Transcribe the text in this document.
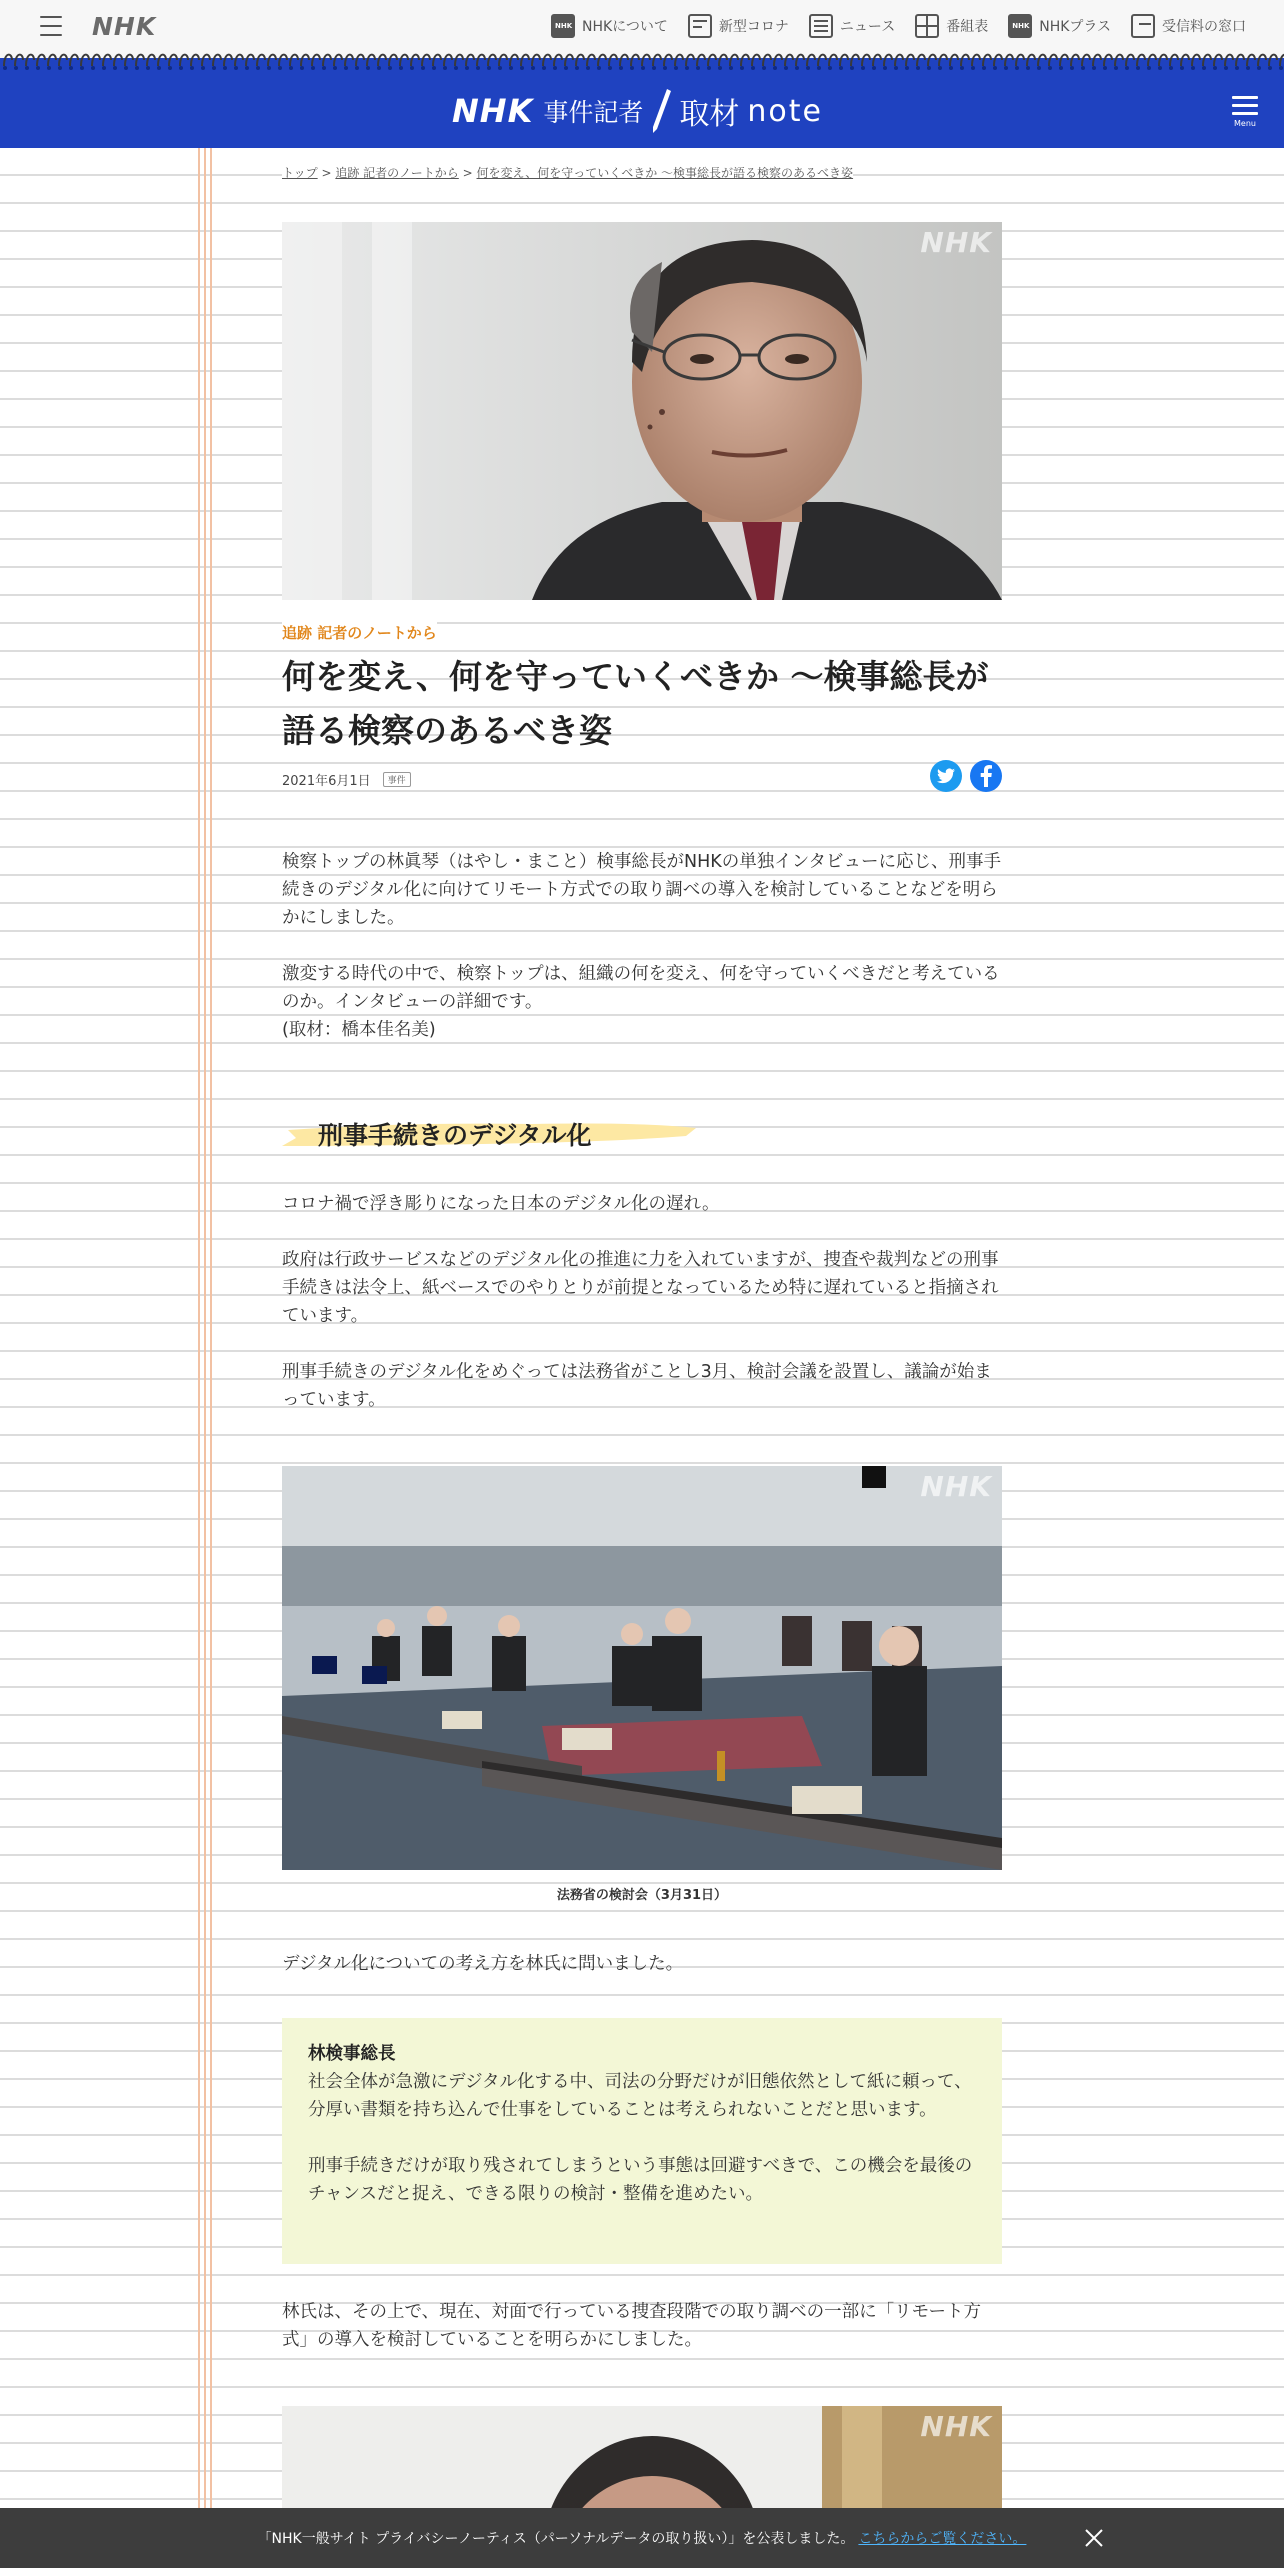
NHK	NHK NHKについて	新型コロナ	ニュース	番組表	NHK NHKプラス	受信料の窓口
NHK 事件記者 取材 note	Menu
トップ > 追跡 記者のノートから > 何を変え、何を守っていくべきか ～検事総長が語る検察のあるべき姿
NHK
追跡 記者のノートから
何を変え、何を守っていくべきか ～検事総長が語る検察のあるべき姿
2021年6月1日	事件

検察トップの林眞琴（はやし・まこと）検事総長がNHKの単独インタビューに応じ、刑事手続きのデジタル化に向けてリモート方式での取り調べの導入を検討していることなどを明らかにしました。

激変する時代の中で、検察トップは、組織の何を変え、何を守っていくべきだと考えているのか。インタビューの詳細です。

(取材：橋本佳名美)

刑事手続きのデジタル化

コロナ禍で浮き彫りになった日本のデジタル化の遅れ。

政府は行政サービスなどのデジタル化の推進に力を入れていますが、捜査や裁判などの刑事手続きは法令上、紙ベースでのやりとりが前提となっているため特に遅れていると指摘されています。

刑事手続きのデジタル化をめぐっては法務省がことし3月、検討会議を設置し、議論が始まっています。

NHK
法務省の検討会（3月31日）

デジタル化についての考え方を林氏に問いました。

林検事総長

社会全体が急激にデジタル化する中、司法の分野だけが旧態依然として紙に頼って、分厚い書類を持ち込んで仕事をしていることは考えられないことだと思います。

刑事手続きだけが取り残されてしまうという事態は回避すべきで、この機会を最後のチャンスだと捉え、できる限りの検討・整備を進めたい。

林氏は、その上で、現在、対面で行っている捜査段階での取り調べの一部に「リモート方式」の導入を検討していることを明らかにしました。

NHK
「NHK一般サイト プライバシーノーティス（パーソナルデータの取り扱い）」を公表しました。 こちらからご覧ください。
